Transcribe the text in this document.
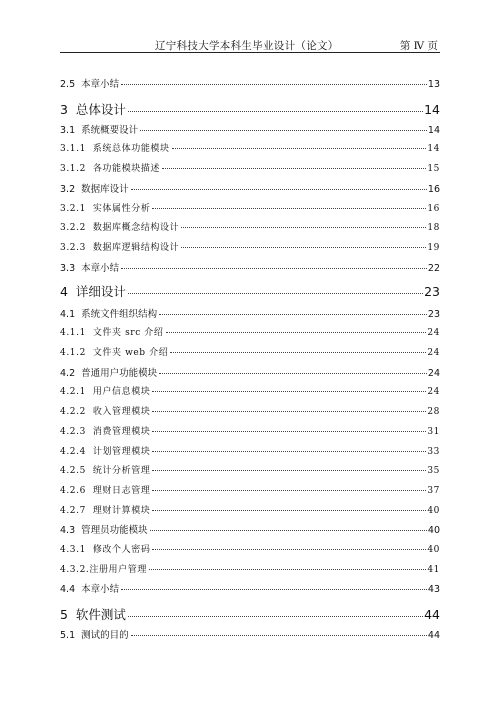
辽宁科技大学本科生毕业设计（论文）	第 Ⅳ 页
2.5  本章小结	13
3  总体设计	14
3.1  系统概要设计	14
3.1.1  系统总体功能模块	14
3.1.2  各功能模块描述	15
3.2  数据库设计	16
3.2.1  实体属性分析	16
3.2.2  数据库概念结构设计	18
3.2.3  数据库逻辑结构设计	19
3.3  本章小结	22
4  详细设计	23
4.1  系统文件组织结构	23
4.1.1  文件夹 src 介绍	24
4.1.2  文件夹 web 介绍	24
4.2  普通用户功能模块	24
4.2.1  用户信息模块	24
4.2.2  收入管理模块	28
4.2.3  消费管理模块	31
4.2.4  计划管理模块	33
4.2.5  统计分析管理	35
4.2.6  理财日志管理	37
4.2.7  理财计算模块	40
4.3  管理员功能模块	40
4.3.1  修改个人密码	40
4.3.2.注册用户管理	41
4.4  本章小结	43
5  软件测试	44
5.1  测试的目的	44
